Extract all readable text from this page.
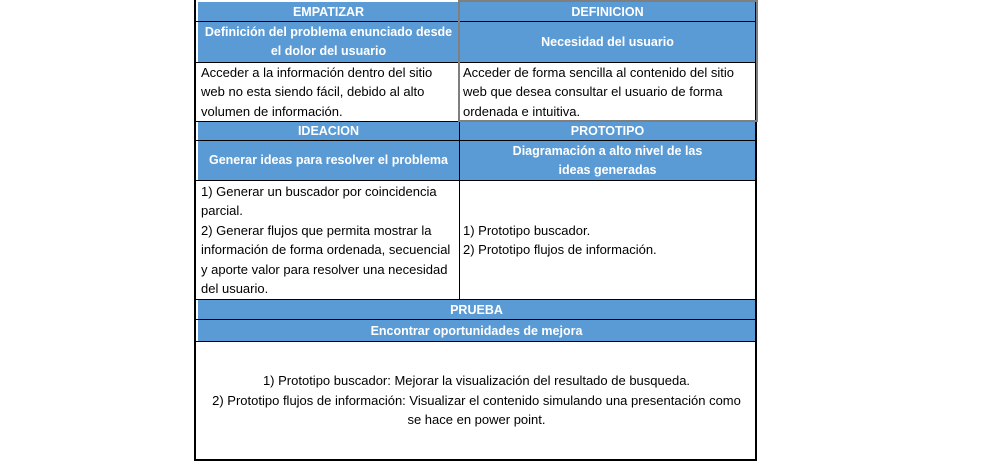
EMPATIZAR	DEFINICION
Definición del problema enunciado desde el dolor del usuario
Necesidad del usuario

Acceder a la información dentro del sitio web no esta siendo fácil, debido al alto volumen de información.

Acceder de forma sencilla al contenido del sitio web que desea consultar el usuario de forma ordenada e intuitiva.

IDEACION	PROTOTIPO
Generar ideas para resolver el problema
Diagramación a alto nivel de las ideas generadas

1) Generar un buscador por coincidencia parcial.

2) Generar flujos que permita mostrar la información de forma ordenada, secuencial y aporte valor para resolver una necesidad del usuario.

1) Prototipo buscador.

2) Prototipo flujos de información.

PRUEBA
Encontrar oportunidades de mejora

1) Prototipo buscador: Mejorar la visualización del resultado de busqueda.

2) Prototipo flujos de información: Visualizar el contenido simulando una presentación como se hace en power point.
